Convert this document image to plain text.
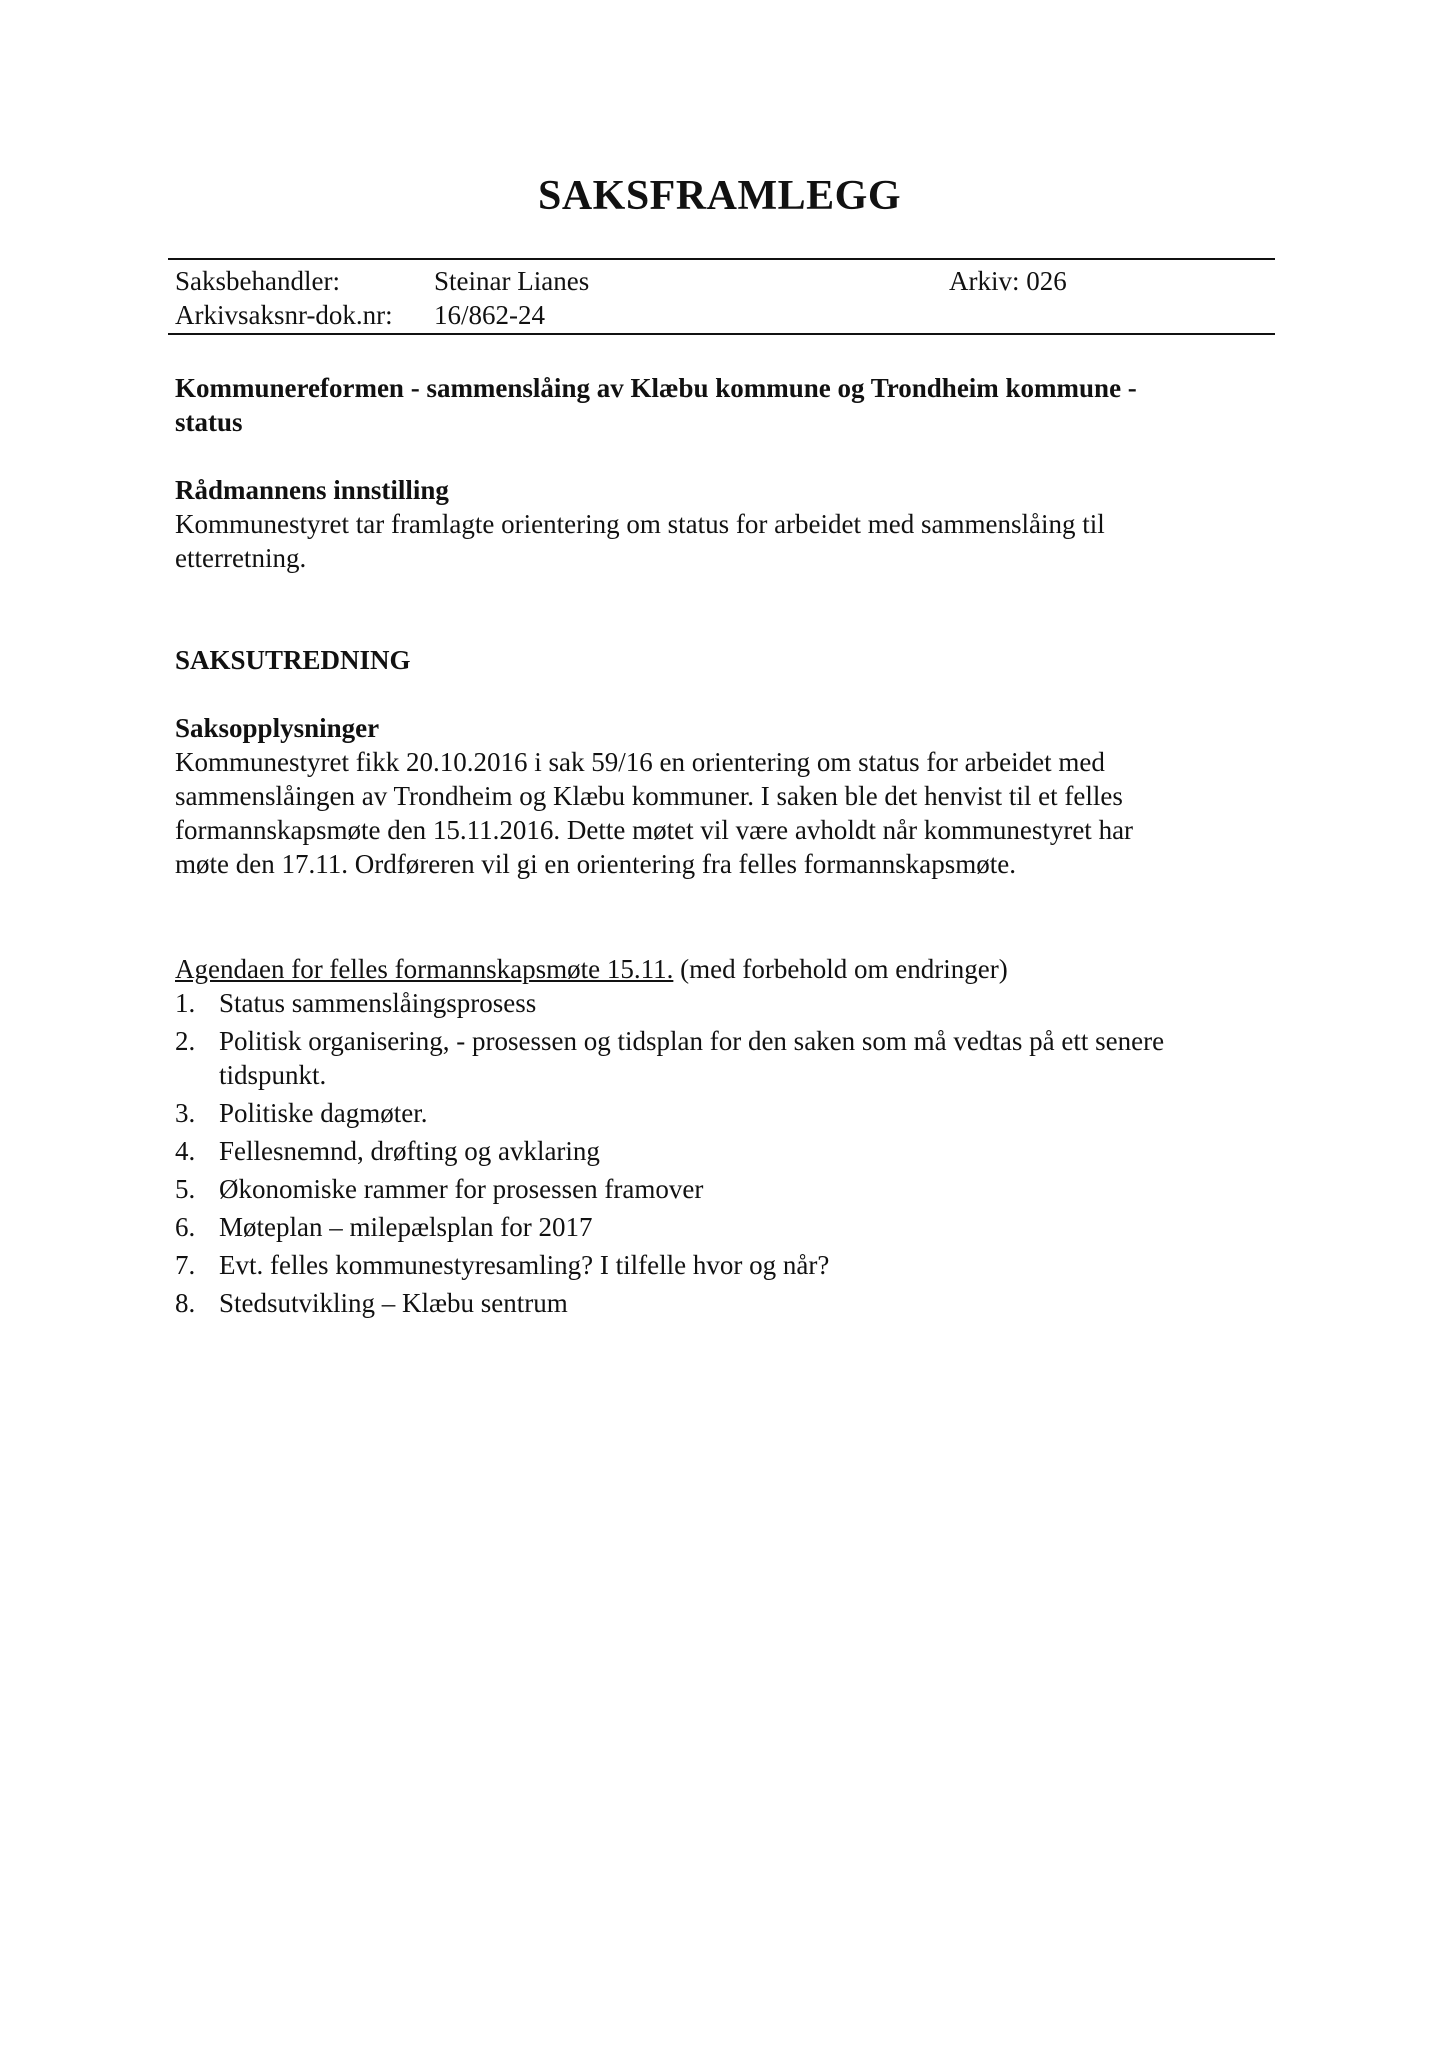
SAKSFRAMLEGG
Saksbehandler:	Steinar Lianes	Arkiv: 026
Arkivsaksnr-dok.nr: 16/862-24
Kommunereformen - sammenslåing av Klæbu kommune og Trondheim kommune -
status
Rådmannens innstilling
Kommunestyret tar framlagte orientering om status for arbeidet med sammenslåing til
etterretning.
SAKSUTREDNING
Saksopplysninger
Kommunestyret fikk 20.10.2016 i sak 59/16 en orientering om status for arbeidet med
sammenslåingen av Trondheim og Klæbu kommuner. I saken ble det henvist til et felles
formannskapsmøte den 15.11.2016. Dette møtet vil være avholdt når kommunestyret har
møte den 17.11. Ordføreren vil gi en orientering fra felles formannskapsmøte.
Agendaen for felles formannskapsmøte 15.11. (med forbehold om endringer)
1. Status sammenslåingsprosess
2. Politisk organisering, - prosessen og tidsplan for den saken som må vedtas på ett senere
tidspunkt.
3. Politiske dagmøter.
4. Fellesnemnd, drøfting og avklaring
5. Økonomiske rammer for prosessen framover
6. Møteplan – milepælsplan for 2017
7. Evt. felles kommunestyresamling? I tilfelle hvor og når?
8. Stedsutvikling – Klæbu sentrum
